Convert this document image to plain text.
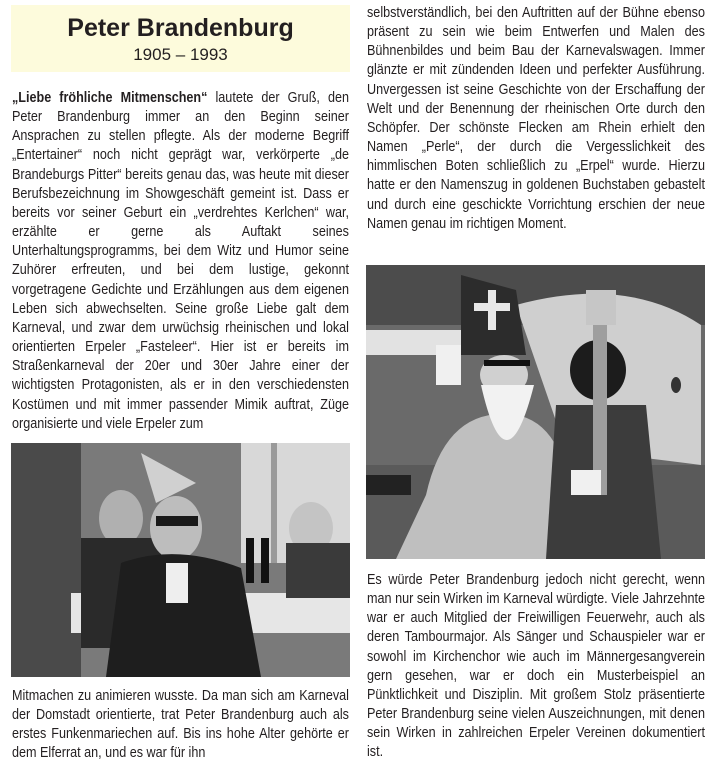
Peter Brandenburg
1905 – 1993

„Liebe fröhliche Mitmenschen“ lautete der Gruß, den Peter Brandenburg immer an den Beginn seiner Ansprachen zu stellen pflegte. Als der moderne Begriff „Entertainer“ noch nicht geprägt war, verkörperte „de Brandeburgs Pitter“ bereits genau das, was heute mit dieser Berufsbezeichnung im Showgeschäft gemeint ist. Dass er bereits vor seiner Geburt ein „verdrehtes Kerlchen“ war, erzählte er gerne als Auftakt seines Unterhaltungsprogramms, bei dem Witz und Humor seine Zuhörer erfreuten, und bei dem lustige, gekonnt vorgetragene Gedichte und Erzählungen aus dem eigenen Leben sich abwechselten. Seine große Liebe galt dem Karneval, und zwar dem urwüchsig rheinischen und lokal orientierten Erpeler „Fasteleer“. Hier ist er bereits im Straßenkarneval der 20er und 30er Jahre einer der wichtigsten Protagonisten, als er in den verschiedensten Kostümen und mit immer passender Mimik auftrat, Züge organisierte und viele Erpeler zum

Mitmachen zu animieren wusste. Da man sich am Karneval der Domstadt orientierte, trat Peter Brandenburg auch als erstes Funkenmariechen auf. Bis ins hohe Alter gehörte er dem Elferrat an, und es war für ihn

selbstverständlich, bei den Auftritten auf der Bühne ebenso präsent zu sein wie beim Entwerfen und Malen des Bühnenbildes und beim Bau der Karnevalswagen. Immer glänzte er mit zündenden Ideen und perfekter Ausführung. Unvergessen ist seine Geschichte von der Erschaffung der Welt und der Benennung der rheinischen Orte durch den Schöpfer. Der schönste Flecken am Rhein erhielt den Namen „Perle“, der durch die Vergesslichkeit des himmlischen Boten schließlich zu „Erpel“ wurde. Hierzu hatte er den Namenszug in goldenen Buchstaben gebastelt und durch eine geschickte Vorrichtung erschien der neue Namen genau im richtigen Moment.

Es würde Peter Brandenburg jedoch nicht gerecht, wenn man nur sein Wirken im Karneval würdigte. Viele Jahrzehnte war er auch Mitglied der Freiwilligen Feuerwehr, auch als deren Tambourmajor. Als Sänger und Schauspieler war er sowohl im Kirchenchor wie auch im Männergesangverein gern gesehen, war er doch ein Musterbeispiel an Pünktlichkeit und Disziplin. Mit großem Stolz präsentierte Peter Brandenburg seine vielen Auszeichnungen, mit denen sein Wirken in zahlreichen Erpeler Vereinen dokumentiert ist.
